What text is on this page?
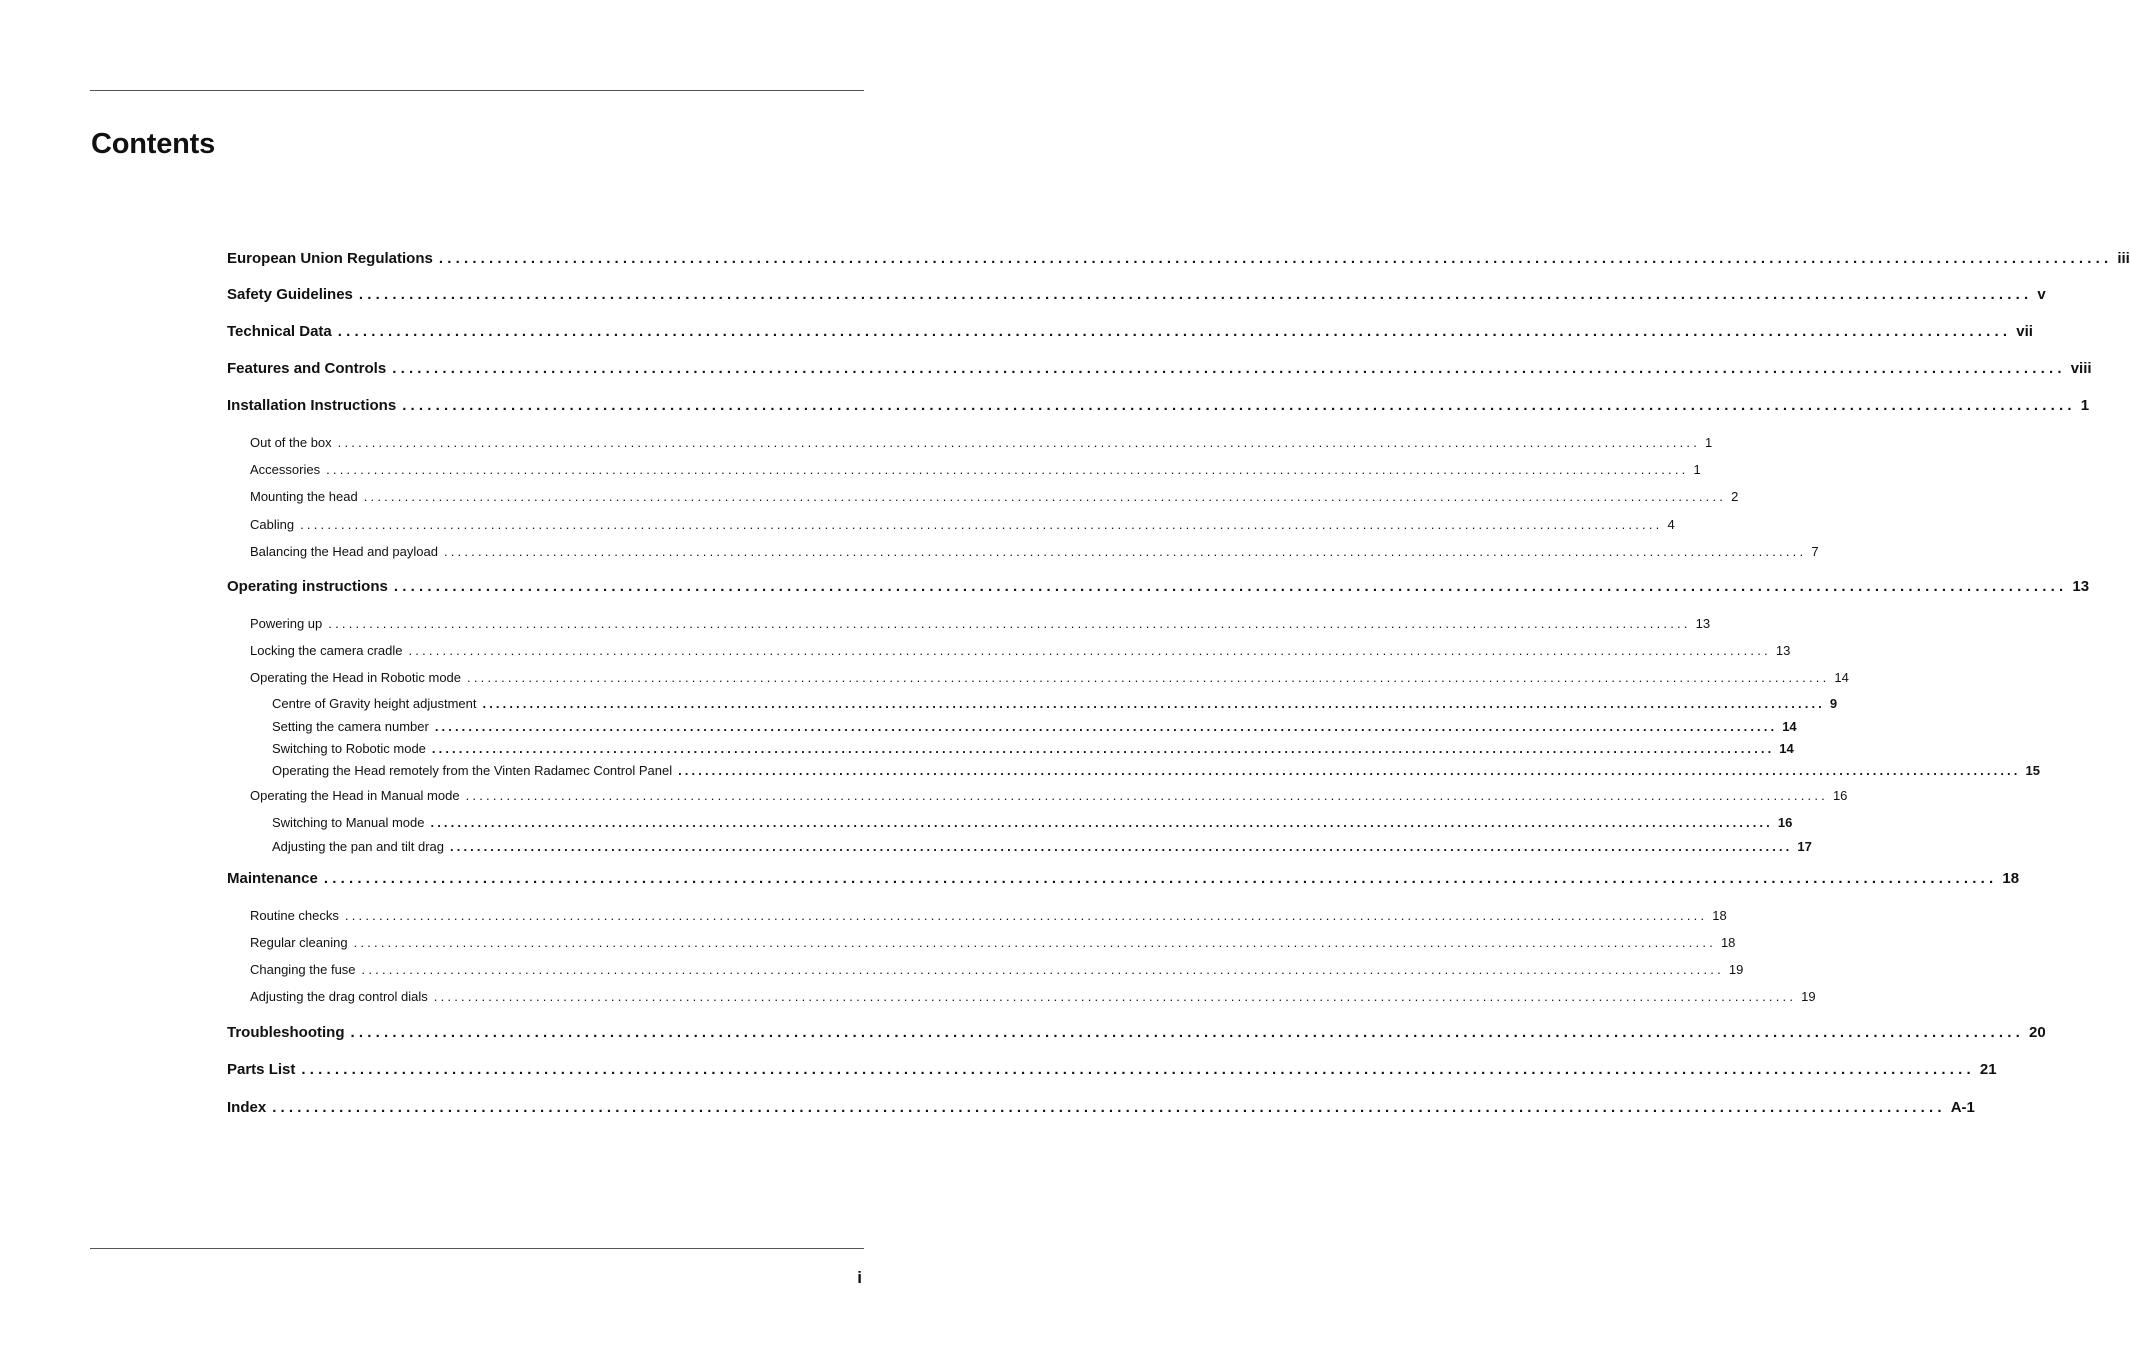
Contents
European Union Regulations ........................................................................................................................................................................................................ iii
Safety Guidelines ........................................................................................................................................................................................................ v
Technical Data ........................................................................................................................................................................................................ vii
Features and Controls ........................................................................................................................................................................................................ viii
Installation Instructions ........................................................................................................................................................................................................ 1
Out of the box ........................................................................................................................................................................................................ 1
Accessories ........................................................................................................................................................................................................ 1
Mounting the head ........................................................................................................................................................................................................ 2
Cabling ........................................................................................................................................................................................................ 4
Balancing the Head and payload ........................................................................................................................................................................................................ 7
Operating instructions ........................................................................................................................................................................................................ 13
Powering up ........................................................................................................................................................................................................ 13
Locking the camera cradle ........................................................................................................................................................................................................ 13
Operating the Head in Robotic mode ........................................................................................................................................................................................................ 14
Centre of Gravity height adjustment ........................................................................................................................................................................................................ 9
Setting the camera number ........................................................................................................................................................................................................ 14
Switching to Robotic mode ........................................................................................................................................................................................................ 14
Operating the Head remotely from the Vinten Radamec Control Panel ........................................................................................................................................................................................................ 15
Operating the Head in Manual mode ........................................................................................................................................................................................................ 16
Switching to Manual mode ........................................................................................................................................................................................................ 16
Adjusting the pan and tilt drag ........................................................................................................................................................................................................ 17
Maintenance ........................................................................................................................................................................................................ 18
Routine checks ........................................................................................................................................................................................................ 18
Regular cleaning ........................................................................................................................................................................................................ 18
Changing the fuse ........................................................................................................................................................................................................ 19
Adjusting the drag control dials ........................................................................................................................................................................................................ 19
Troubleshooting ........................................................................................................................................................................................................ 20
Parts List ........................................................................................................................................................................................................ 21
Index ........................................................................................................................................................................................................ A-1
i
